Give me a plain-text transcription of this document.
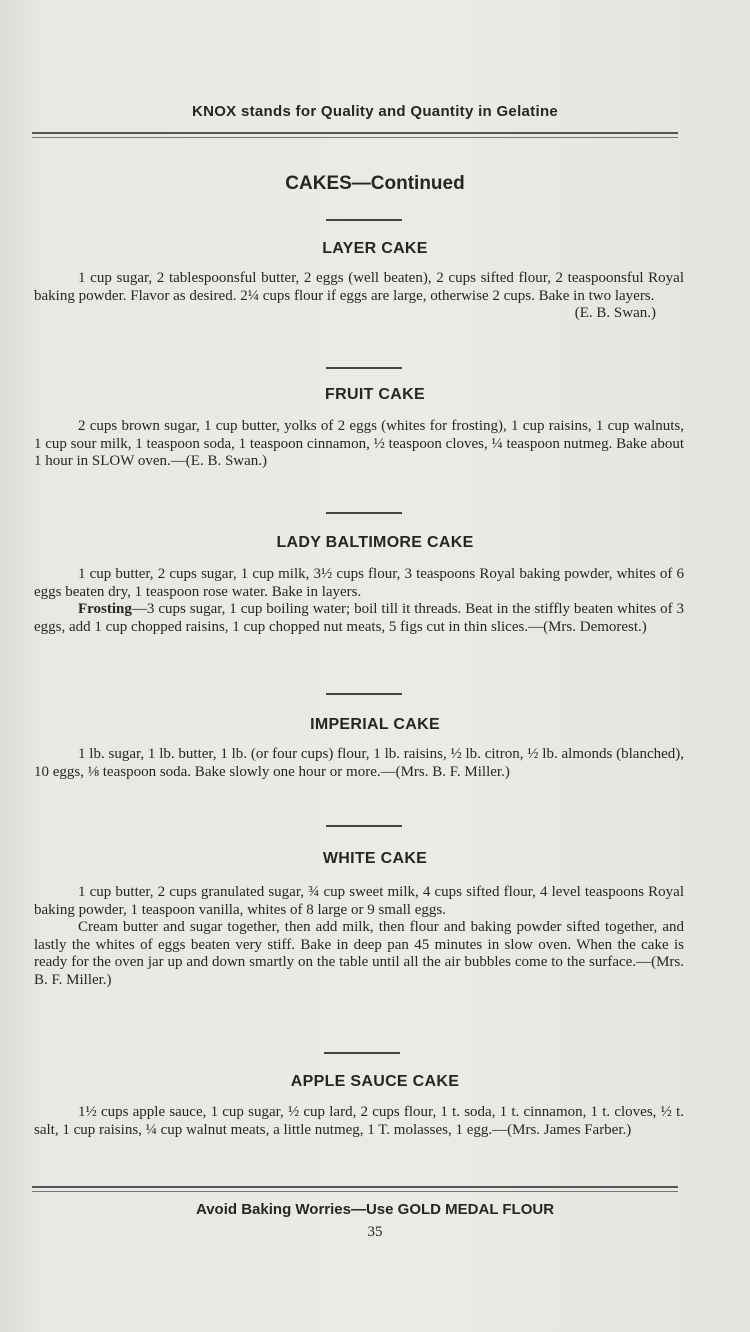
KNOX stands for Quality and Quantity in Gelatine
CAKES—Continued
LAYER CAKE

1 cup sugar, 2 tablespoonsful butter, 2 eggs (well beaten), 2 cups sifted flour, 2 teaspoonsful Royal baking powder. Flavor as desired. 2¼ cups flour if eggs are large, otherwise 2 cups. Bake in two layers.

(E. B. Swan.)

FRUIT CAKE

2 cups brown sugar, 1 cup butter, yolks of 2 eggs (whites for frosting), 1 cup raisins, 1 cup walnuts, 1 cup sour milk, 1 teaspoon soda, 1 teaspoon cinnamon, ½ teaspoon cloves, ¼ teaspoon nutmeg. Bake about 1 hour in SLOW oven.—(E. B. Swan.)

LADY BALTIMORE CAKE

1 cup butter, 2 cups sugar, 1 cup milk, 3½ cups flour, 3 teaspoons Royal baking powder, whites of 6 eggs beaten dry, 1 teaspoon rose water. Bake in layers.

Frosting—3 cups sugar, 1 cup boiling water; boil till it threads. Beat in the stiffly beaten whites of 3 eggs, add 1 cup chopped raisins, 1 cup chopped nut meats, 5 figs cut in thin slices.—(Mrs. Demorest.)

IMPERIAL CAKE

1 lb. sugar, 1 lb. butter, 1 lb. (or four cups) flour, 1 lb. raisins, ½ lb. citron, ½ lb. almonds (blanched), 10 eggs, ⅛ teaspoon soda. Bake slowly one hour or more.—(Mrs. B. F. Miller.)

WHITE CAKE

1 cup butter, 2 cups granulated sugar, ¾ cup sweet milk, 4 cups sifted flour, 4 level teaspoons Royal baking powder, 1 teaspoon vanilla, whites of 8 large or 9 small eggs.

Cream butter and sugar together, then add milk, then flour and baking powder sifted together, and lastly the whites of eggs beaten very stiff. Bake in deep pan 45 minutes in slow oven. When the cake is ready for the oven jar up and down smartly on the table until all the air bubbles come to the surface.—(Mrs. B. F. Miller.)

APPLE SAUCE CAKE

1½ cups apple sauce, 1 cup sugar, ½ cup lard, 2 cups flour, 1 t. soda, 1 t. cinnamon, 1 t. cloves, ½ t. salt, 1 cup raisins, ¼ cup walnut meats, a little nutmeg, 1 T. molasses, 1 egg.—(Mrs. James Farber.)

Avoid Baking Worries—Use GOLD MEDAL FLOUR
35
